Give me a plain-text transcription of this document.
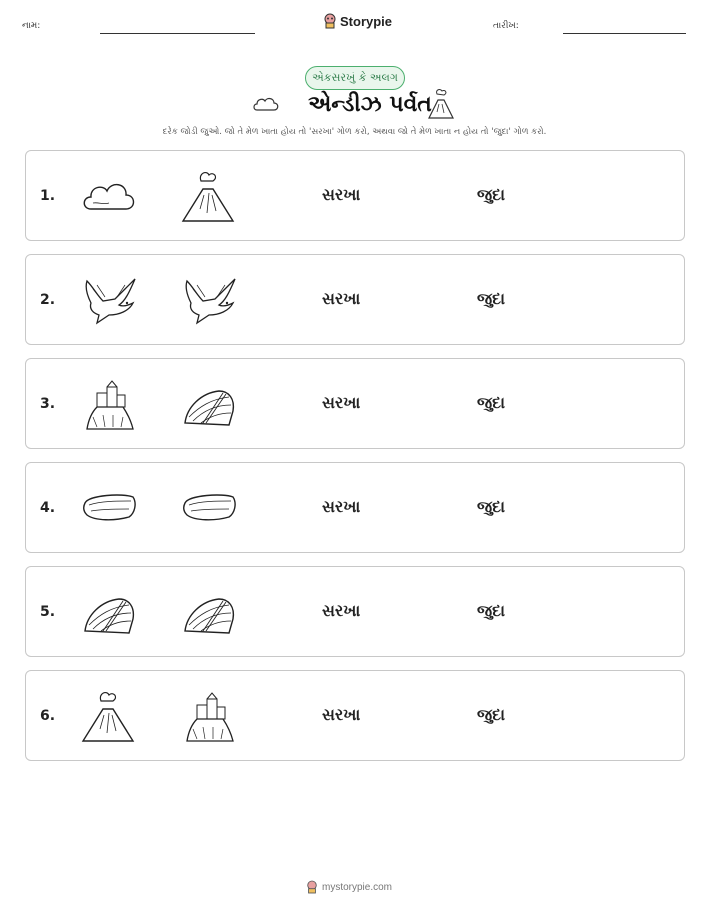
નામ:	Storypie	તારીખ:
એકસરખું કે અલગ
એન્ડીઝ પર્વત
દરેક જોડી જુઓ. જો તે મેળ ખાતા હોય તો 'સરખા' ગોળ કરો, અથવા જો તે મેળ ખાતા ન હોય તો 'જુદા' ગોળ કરો.
1.	સરખા	જુદા
2.	સરખા	જુદા
3.	સરખા	જુદા
4.	સરખા	જુદા
5.	સરખા	જુદા
6.	સરખા	જુદા
mystorypie.com
